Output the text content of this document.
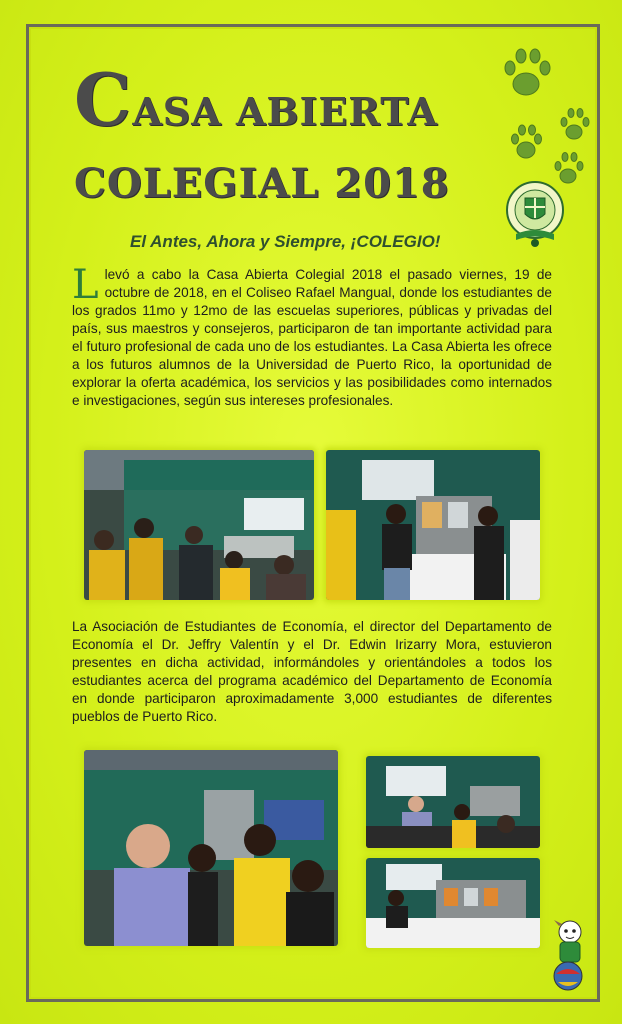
CASA ABIERTA
COLEGIAL 2018
El Antes, Ahora y Siempre, ¡COLEGIO!

Llevó a cabo la Casa Abierta Colegial 2018 el pasado viernes, 19 de octubre de 2018, en el Coliseo Rafael Mangual, donde los estudiantes de los grados 11mo y 12mo de las escuelas superiores, públicas y privadas del país, sus maestros y consejeros, participaron de tan importante actividad para el futuro profesional de cada uno de los estudiantes. La Casa Abierta les ofrece a los futuros alumnos de la Universidad de Puerto Rico, la oportunidad de explorar la oferta académica, los servicios y las posibilidades como internados e investigaciones, según sus intereses profesionales.

La Asociación de Estudiantes de Economía, el director del Departamento de Economía el Dr. Jeffry Valentín y el Dr. Edwin Irizarry Mora, estuvieron presentes en dicha actividad, informándoles y orientándoles a todos los estudiantes acerca del programa académico del Departamento de Economía en donde participaron aproximadamente 3,000 estudiantes de diferentes pueblos de Puerto Rico.
